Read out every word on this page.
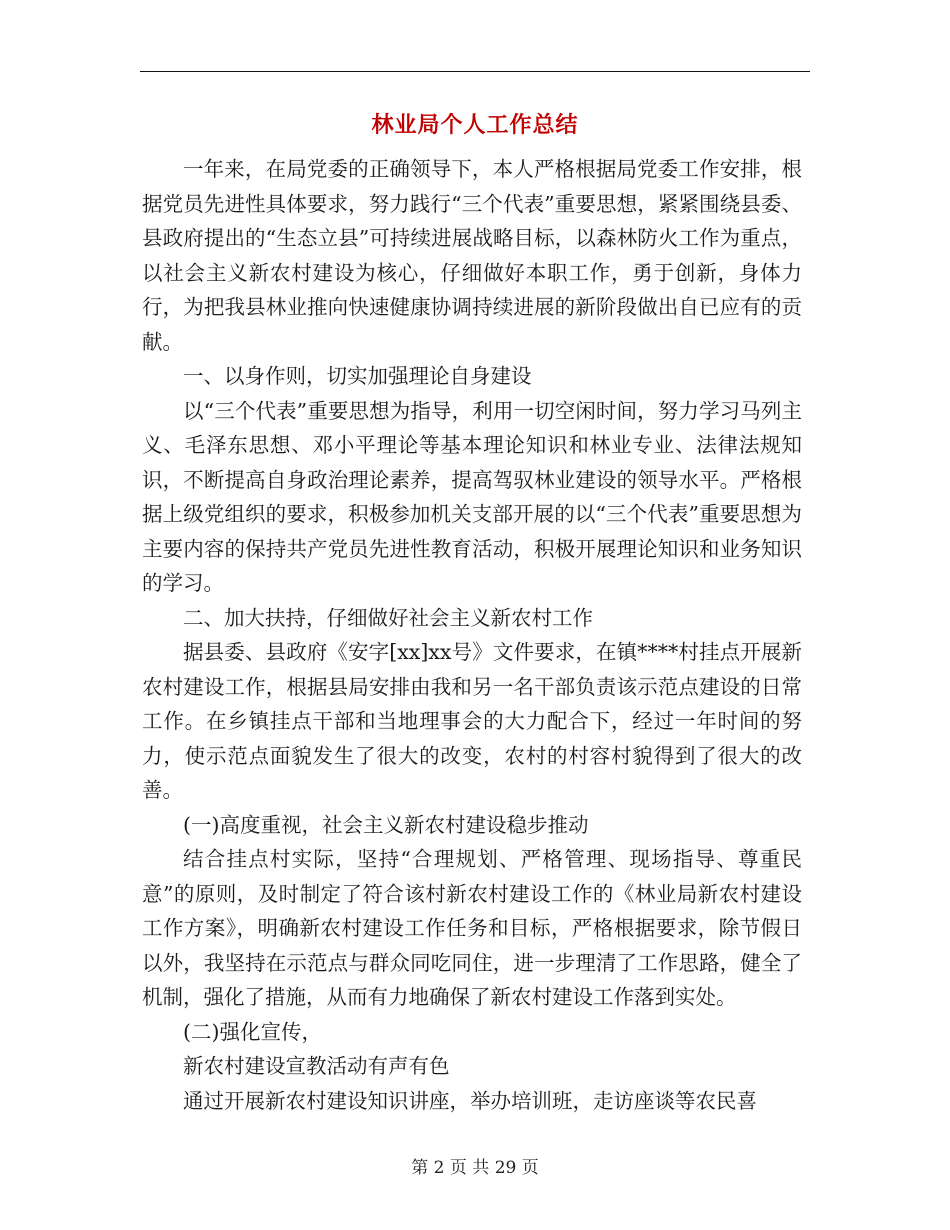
林业局个人工作总结

一年来，在局党委的正确领导下，本人严格根据局党委工作安排，根据党员先进性具体要求，努力践行“三个代表”重要思想，紧紧围绕县委、县政府提出的“生态立县”可持续进展战略目标，以森林防火工作为重点，以社会主义新农村建设为核心，仔细做好本职工作，勇于创新，身体力行，为把我县林业推向快速健康协调持续进展的新阶段做出自已应有的贡献。

一、以身作则，切实加强理论自身建设

以“三个代表”重要思想为指导，利用一切空闲时间，努力学习马列主义、毛泽东思想、邓小平理论等基本理论知识和林业专业、法律法规知识，不断提高自身政治理论素养，提高驾驭林业建设的领导水平。严格根据上级党组织的要求，积极参加机关支部开展的以“三个代表”重要思想为主要内容的保持共产党员先进性教育活动，积极开展理论知识和业务知识的学习。

二、加大扶持，仔细做好社会主义新农村工作

据县委、县政府《安字[xx]xx号》文件要求，在镇****村挂点开展新农村建设工作，根据县局安排由我和另一名干部负责该示范点建设的日常工作。在乡镇挂点干部和当地理事会的大力配合下，经过一年时间的努力，使示范点面貌发生了很大的改变，农村的村容村貌得到了很大的改善。

(一)高度重视，社会主义新农村建设稳步推动

结合挂点村实际，坚持“合理规划、严格管理、现场指导、尊重民意”的原则，及时制定了符合该村新农村建设工作的《林业局新农村建设工作方案》，明确新农村建设工作任务和目标，严格根据要求，除节假日以外，我坚持在示范点与群众同吃同住，进一步理清了工作思路，健全了机制，强化了措施，从而有力地确保了新农村建设工作落到实处。

(二)强化宣传，

新农村建设宣教活动有声有色

通过开展新农村建设知识讲座，举办培训班，走访座谈等农民喜

第 2 页 共 29 页
